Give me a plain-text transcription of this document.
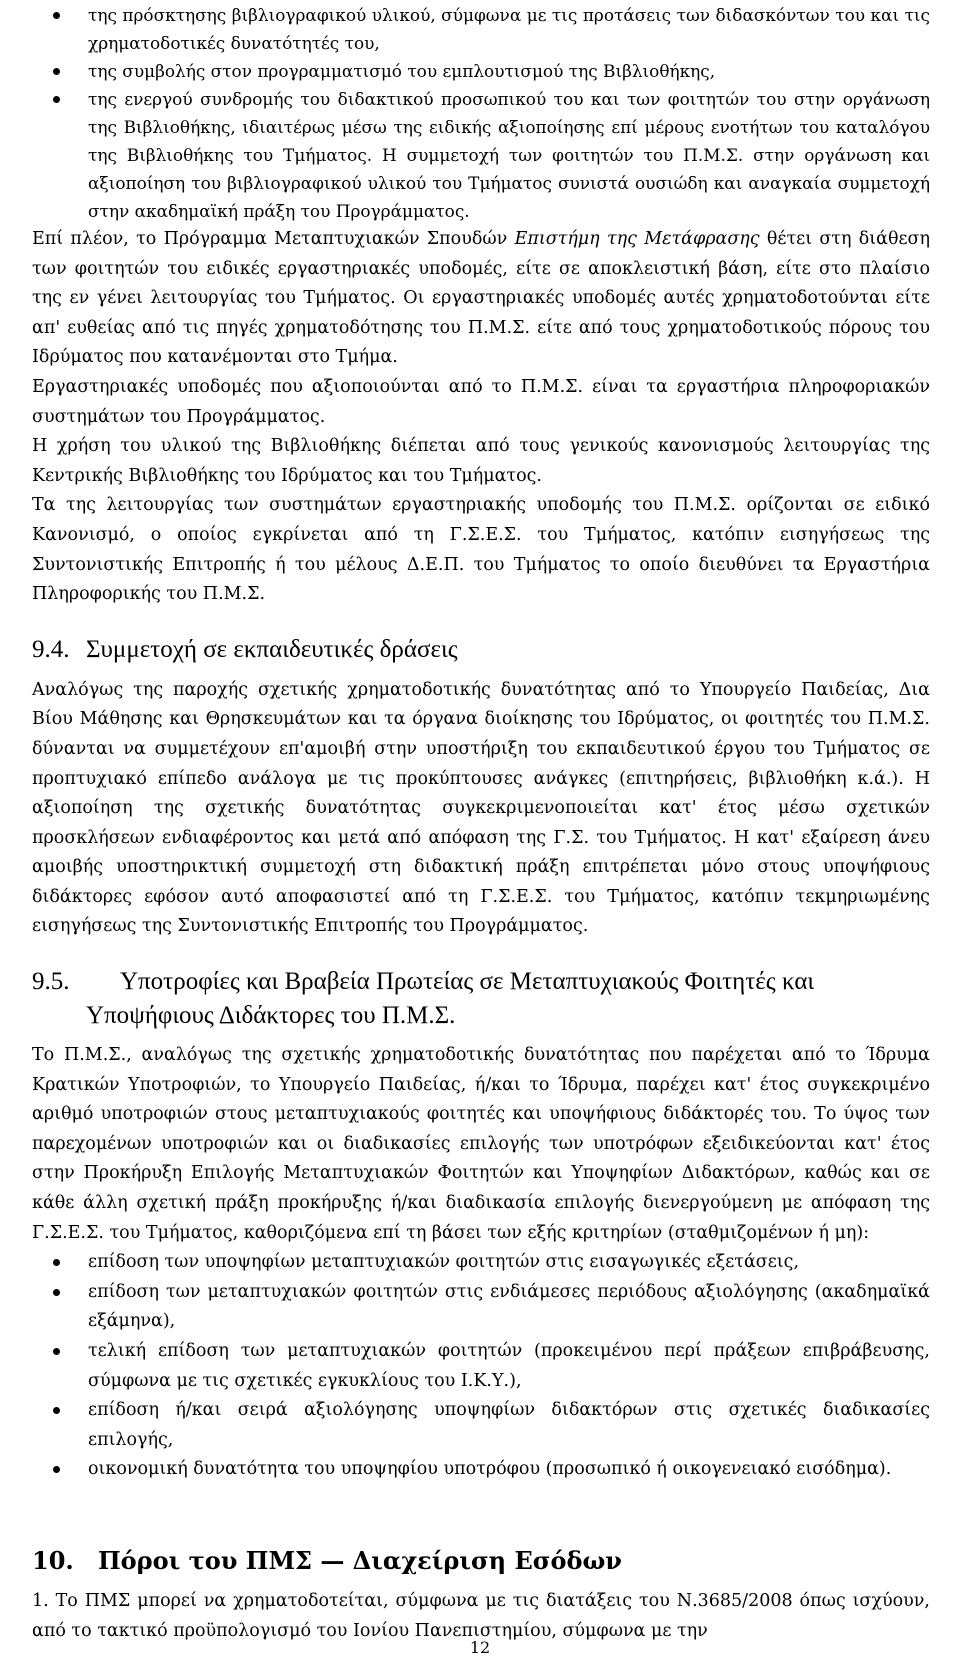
της πρόσκτησης βιβλιογραφικού υλικού, σύμφωνα με τις προτάσεις των διδασκόντων του και τις χρηματοδοτικές δυνατότητές του,
της συμβολής στον προγραμματισμό του εμπλουτισμού της Βιβλιοθήκης,
της ενεργού συνδρομής του διδακτικού προσωπικού του και των φοιτητών του στην οργάνωση της Βιβλιοθήκης, ιδιαιτέρως μέσω της ειδικής αξιοποίησης επί μέρους ενοτήτων του καταλόγου της Βιβλιοθήκης του Τμήματος. Η συμμετοχή των φοιτητών του Π.Μ.Σ. στην οργάνωση και αξιοποίηση του βιβλιογραφικού υλικού του Τμήματος συνιστά ουσιώδη και αναγκαία συμμετοχή στην ακαδημαϊκή πράξη του Προγράμματος.

Επί πλέον, το Πρόγραμμα Μεταπτυχιακών Σπουδών Επιστήμη της Μετάφρασης θέτει στη διάθεση των φοιτητών του ειδικές εργαστηριακές υποδομές, είτε σε αποκλειστική βάση, είτε στο πλαίσιο της εν γένει λειτουργίας του Τμήματος. Οι εργαστηριακές υποδομές αυτές χρηματοδοτούνται είτε απ' ευθείας από τις πηγές χρηματοδότησης του Π.Μ.Σ. είτε από τους χρηματοδοτικούς πόρους του Ιδρύματος που κατανέμονται στο Τμήμα.

Εργαστηριακές υποδομές που αξιοποιούνται από το Π.Μ.Σ. είναι τα εργαστήρια πληροφοριακών συστημάτων του Προγράμματος.

Η χρήση του υλικού της Βιβλιοθήκης διέπεται από τους γενικούς κανονισμούς λειτουργίας της Κεντρικής Βιβλιοθήκης του Ιδρύματος και του Τμήματος.

Τα της λειτουργίας των συστημάτων εργαστηριακής υποδομής του Π.Μ.Σ. ορίζονται σε ειδικό Κανονισμό, ο οποίος εγκρίνεται από τη Γ.Σ.Ε.Σ. του Τμήματος, κατόπιν εισηγήσεως της Συντονιστικής Επιτροπής ή του μέλους Δ.Ε.Π. του Τμήματος το οποίο διευθύνει τα Εργαστήρια Πληροφορικής του Π.Μ.Σ.

9.4. Συμμετοχή σε εκπαιδευτικές δράσεις

Αναλόγως της παροχής σχετικής χρηματοδοτικής δυνατότητας από το Υπουργείο Παιδείας, Δια Βίου Μάθησης και Θρησκευμάτων και τα όργανα διοίκησης του Ιδρύματος, οι φοιτητές του Π.Μ.Σ. δύνανται να συμμετέχουν επ'αμοιβή στην υποστήριξη του εκπαιδευτικού έργου του Τμήματος σε προπτυχιακό επίπεδο ανάλογα με τις προκύπτουσες ανάγκες (επιτηρήσεις, βιβλιοθήκη κ.ά.). Η αξιοποίηση της σχετικής δυνατότητας συγκεκριμενοποιείται κατ' έτος μέσω σχετικών προσκλήσεων ενδιαφέροντος και μετά από απόφαση της Γ.Σ. του Τμήματος. Η κατ' εξαίρεση άνευ αμοιβής υποστηρικτική συμμετοχή στη διδακτική πράξη επιτρέπεται μόνο στους υποψήφιους διδάκτορες εφόσον αυτό αποφασιστεί από τη Γ.Σ.Ε.Σ. του Τμήματος, κατόπιν τεκμηριωμένης εισηγήσεως της Συντονιστικής Επιτροπής του Προγράμματος.

9.5. Υποτροφίες και Βραβεία Πρωτείας σε Μεταπτυχιακούς Φοιτητές και
Υποψήφιους Διδάκτορες του Π.Μ.Σ.

Το Π.Μ.Σ., αναλόγως της σχετικής χρηματοδοτικής δυνατότητας που παρέχεται από το Ίδρυμα Κρατικών Υποτροφιών, το Υπουργείο Παιδείας, ή/και το Ίδρυμα, παρέχει κατ' έτος συγκεκριμένο αριθμό υποτροφιών στους μεταπτυχιακούς φοιτητές και υποψήφιους διδάκτορές του. Το ύψος των παρεχομένων υποτροφιών και οι διαδικασίες επιλογής των υποτρόφων εξειδικεύονται κατ' έτος στην Προκήρυξη Επιλογής Μεταπτυχιακών Φοιτητών και Υποψηφίων Διδακτόρων, καθώς και σε κάθε άλλη σχετική πράξη προκήρυξης ή/και διαδικασία επιλογής διενεργούμενη με απόφαση της Γ.Σ.Ε.Σ. του Τμήματος, καθοριζόμενα επί τη βάσει των εξής κριτηρίων (σταθμιζομένων ή μη):

επίδοση των υποψηφίων μεταπτυχιακών φοιτητών στις εισαγωγικές εξετάσεις,
επίδοση των μεταπτυχιακών φοιτητών στις ενδιάμεσες περιόδους αξιολόγησης (ακαδημαϊκά εξάμηνα),
τελική επίδοση των μεταπτυχιακών φοιτητών (προκειμένου περί πράξεων επιβράβευσης, σύμφωνα με τις σχετικές εγκυκλίους του Ι.Κ.Υ.),
επίδοση ή/και σειρά αξιολόγησης υποψηφίων διδακτόρων στις σχετικές διαδικασίες επιλογής,
οικονομική δυνατότητα του υποψηφίου υποτρόφου (προσωπικό ή οικογενειακό εισόδημα).
10. Πόροι του ΠΜΣ — Διαχείριση Εσόδων

1. Το ΠΜΣ μπορεί να χρηματοδοτείται, σύμφωνα με τις διατάξεις του Ν.3685/2008 όπως ισχύουν, από το τακτικό προϋπολογισμό του Ιονίου Πανεπιστημίου, σύμφωνα με την

12
